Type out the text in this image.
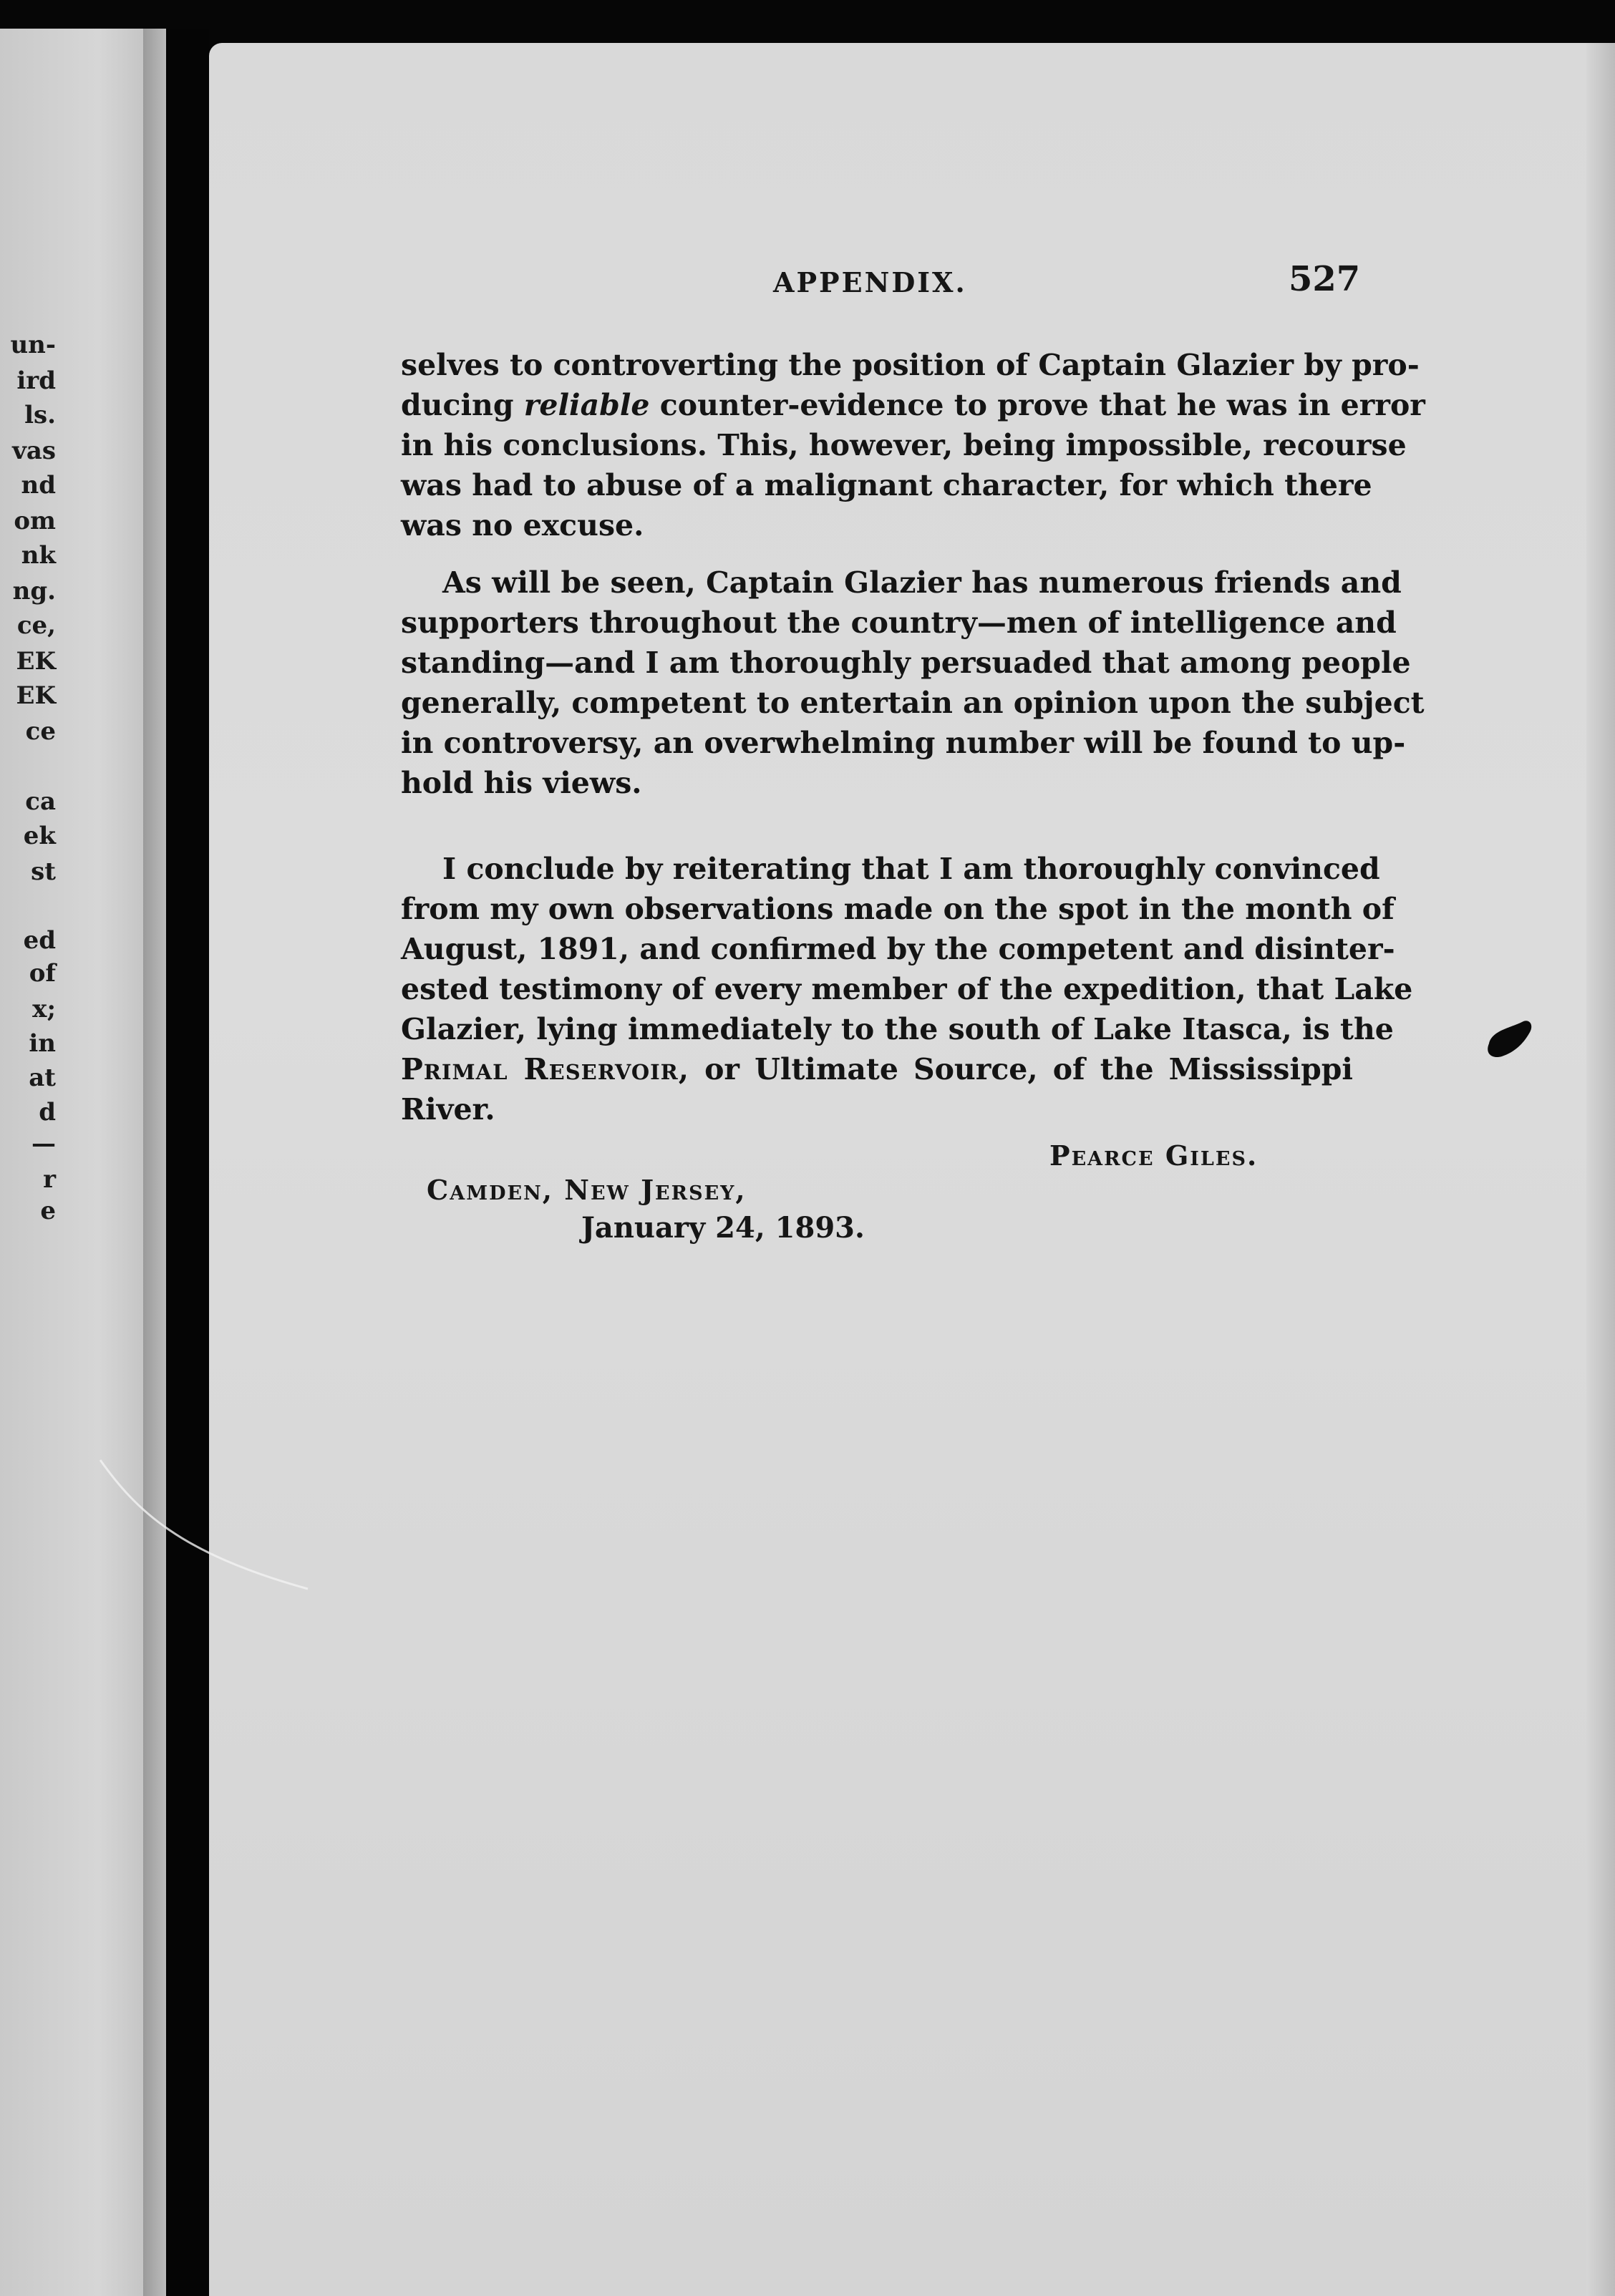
un-
ird
ls.
vas
nd
om
nk
ng.
ce,
EK
EK
ce
ca
ek
st
ed
of
x;
in
at
d
—
r
e
APPENDIX.	527
selves to controverting the position of Captain Glazier by pro-
ducing reliable counter-evidence to prove that he was in error
in his conclusions. This, however, being impossible, recourse
was had to abuse of a malignant character, for which there
was no excuse.
As will be seen, Captain Glazier has numerous friends and
supporters throughout the country—men of intelligence and
standing—and I am thoroughly persuaded that among people
generally, competent to entertain an opinion upon the subject
in controversy, an overwhelming number will be found to up-
hold his views.
I conclude by reiterating that I am thoroughly convinced
from my own observations made on the spot in the month of
August, 1891, and confirmed by the competent and disinter-
ested testimony of every member of the expedition, that Lake
Glazier, lying immediately to the south of Lake Itasca, is the
Primal Reservoir, or Ultimate Source, of the Mississippi
River.
Pearce Giles.
Camden, New Jersey,
January 24, 1893.
